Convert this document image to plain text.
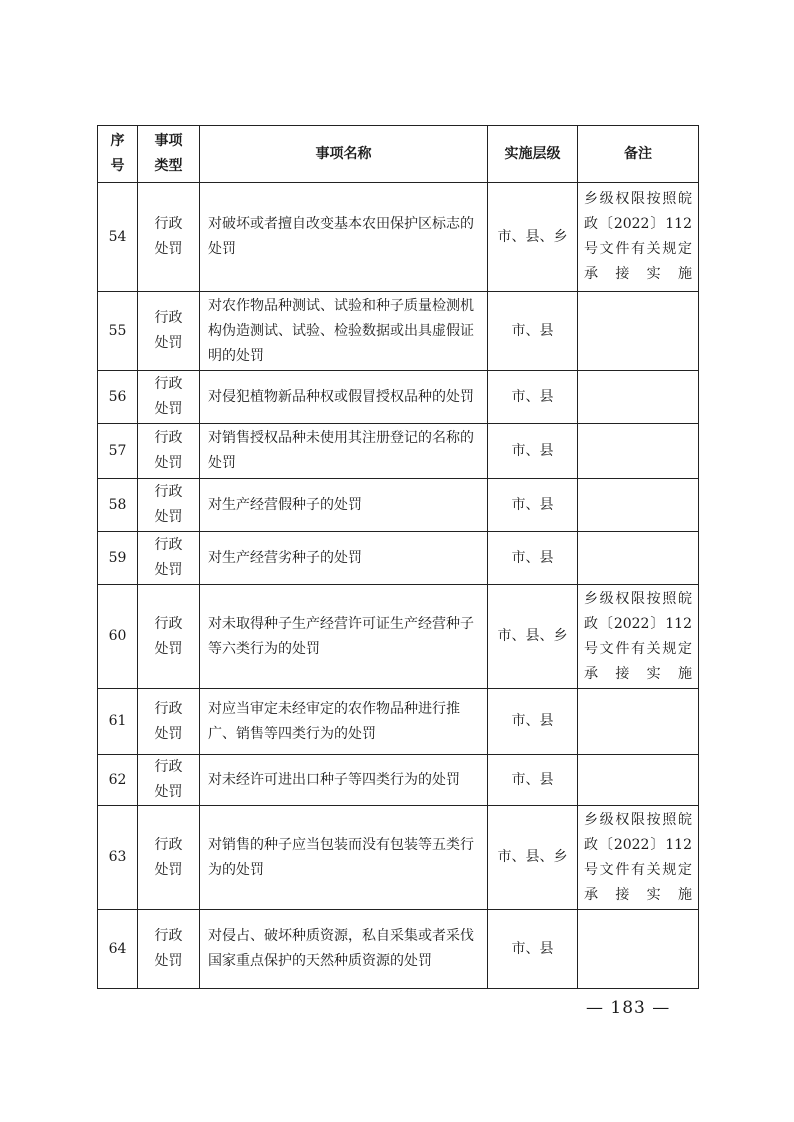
序号	事项类型	事项名称	实施层级	备注

54	行政处罚	对破坏或者擅自改变基本农田保护区标志的处罚	市、县、乡	乡级权限按照皖政〔2022〕112号文件有关规定承接实施

55	行政处罚	对农作物品种测试、试验和种子质量检测机构伪造测试、试验、检验数据或出具虚假证明的处罚	市、县	

56	行政处罚	对侵犯植物新品种权或假冒授权品种的处罚	市、县	

57	行政处罚	对销售授权品种未使用其注册登记的名称的处罚	市、县	

58	行政处罚	对生产经营假种子的处罚	市、县	

59	行政处罚	对生产经营劣种子的处罚	市、县	

60	行政处罚	对未取得种子生产经营许可证生产经营种子等六类行为的处罚	市、县、乡	乡级权限按照皖政〔2022〕112号文件有关规定承接实施

61	行政处罚	对应当审定未经审定的农作物品种进行推广、销售等四类行为的处罚	市、县	

62	行政处罚	对未经许可进出口种子等四类行为的处罚	市、县	

63	行政处罚	对销售的种子应当包装而没有包装等五类行为的处罚	市、县、乡	乡级权限按照皖政〔2022〕112号文件有关规定承接实施

64	行政处罚	对侵占、破坏种质资源，私自采集或者采伐国家重点保护的天然种质资源的处罚	市、县	

— 183 —
